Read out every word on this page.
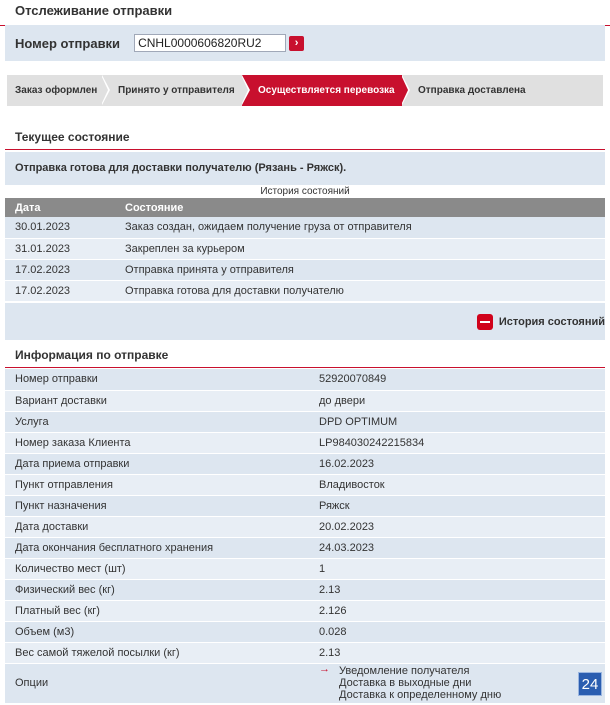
Отслеживание отправки
Номер отправки
CNHL0000606820RU2	›
Заказ оформлен	Принято у отправителя	Осуществляется перевозка	Отправка доставлена
Текущее состояние
Отправка готова для доставки получателю (Рязань - Ряжск).
История состояний
Дата	Состояние
30.01.2023	Заказ создан, ожидаем получение груза от отправителя
31.01.2023	Закреплен за курьером
17.02.2023	Отправка принята у отправителя
17.02.2023	Отправка готова для доставки получателю
История состояний
Информация по отправке
Номер отправки	52920070849
Вариант доставки	до двери
Услуга	DPD OPTIMUM
Номер заказа Клиента	LP984030242215834
Дата приема отправки	16.02.2023
Пункт отправления	Владивосток
Пункт назначения	Ряжск
Дата доставки	20.02.2023
Дата окончания бесплатного хранения	24.03.2023
Количество мест (шт)	1
Физический вес (кг)	2.13
Платный вес (кг)	2.126
Объем (м3)	0.028
Вес самой тяжелой посылки (кг)	2.13
Опции	→ Уведомление получателя
Доставка в выходные дни
Доставка к определенному дню
24
